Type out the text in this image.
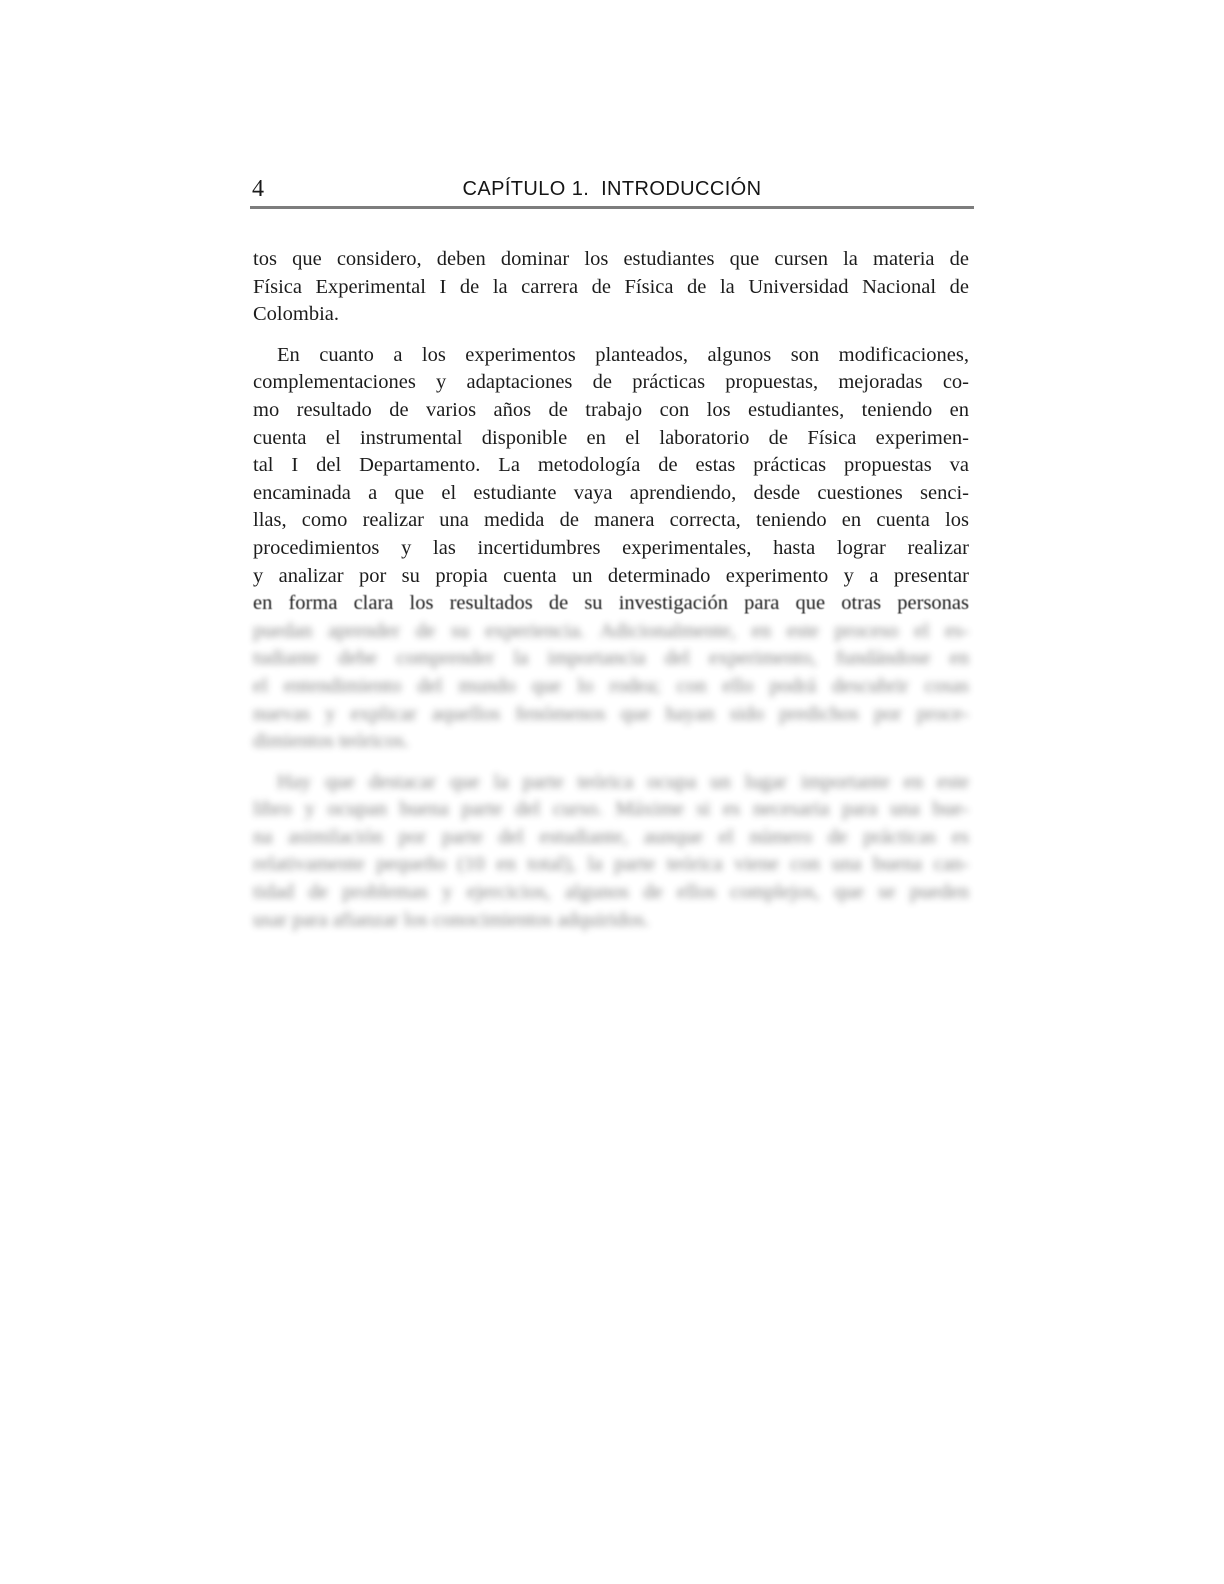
4	CAPÍTULO 1.  INTRODUCCIÓN

tos que considero, deben dominar los estudiantes que cursen la materia de
Física Experimental I de la carrera de Física de la Universidad Nacional de
Colombia.

En cuanto a los experimentos planteados, algunos son modificaciones,
complementaciones y adaptaciones de prácticas propuestas, mejoradas co-
mo resultado de varios años de trabajo con los estudiantes, teniendo en
cuenta el instrumental disponible en el laboratorio de Física experimen-
tal I del Departamento. La metodología de estas prácticas propuestas va
encaminada a que el estudiante vaya aprendiendo, desde cuestiones senci-
llas, como realizar una medida de manera correcta, teniendo en cuenta los
procedimientos y las incertidumbres experimentales, hasta lograr realizar
y analizar por su propia cuenta un determinado experimento y a presentar
en forma clara los resultados de su investigación para que otras personas
puedan aprender de su experiencia. Adicionalmente, en este proceso el es-
tudiante debe comprender la importancia del experimento, fundándose en
el entendimiento del mundo que lo rodea; con ello podrá descubrir cosas
nuevas y explicar aquellos fenómenos que hayan sido predichos por proce-
dimientos teóricos.

Hay que destacar que la parte teórica ocupa un lugar importante en este
libro y ocupan buena parte del curso. Máxime si es necesaria para una bue-
na asimilación por parte del estudiante, aunque el número de prácticas es
relativamente pequeño (10 en total), la parte teórica viene con una buena can-
tidad de problemas y ejercicios, algunos de ellos complejos, que se pueden
usar para afianzar los conocimientos adquiridos.
